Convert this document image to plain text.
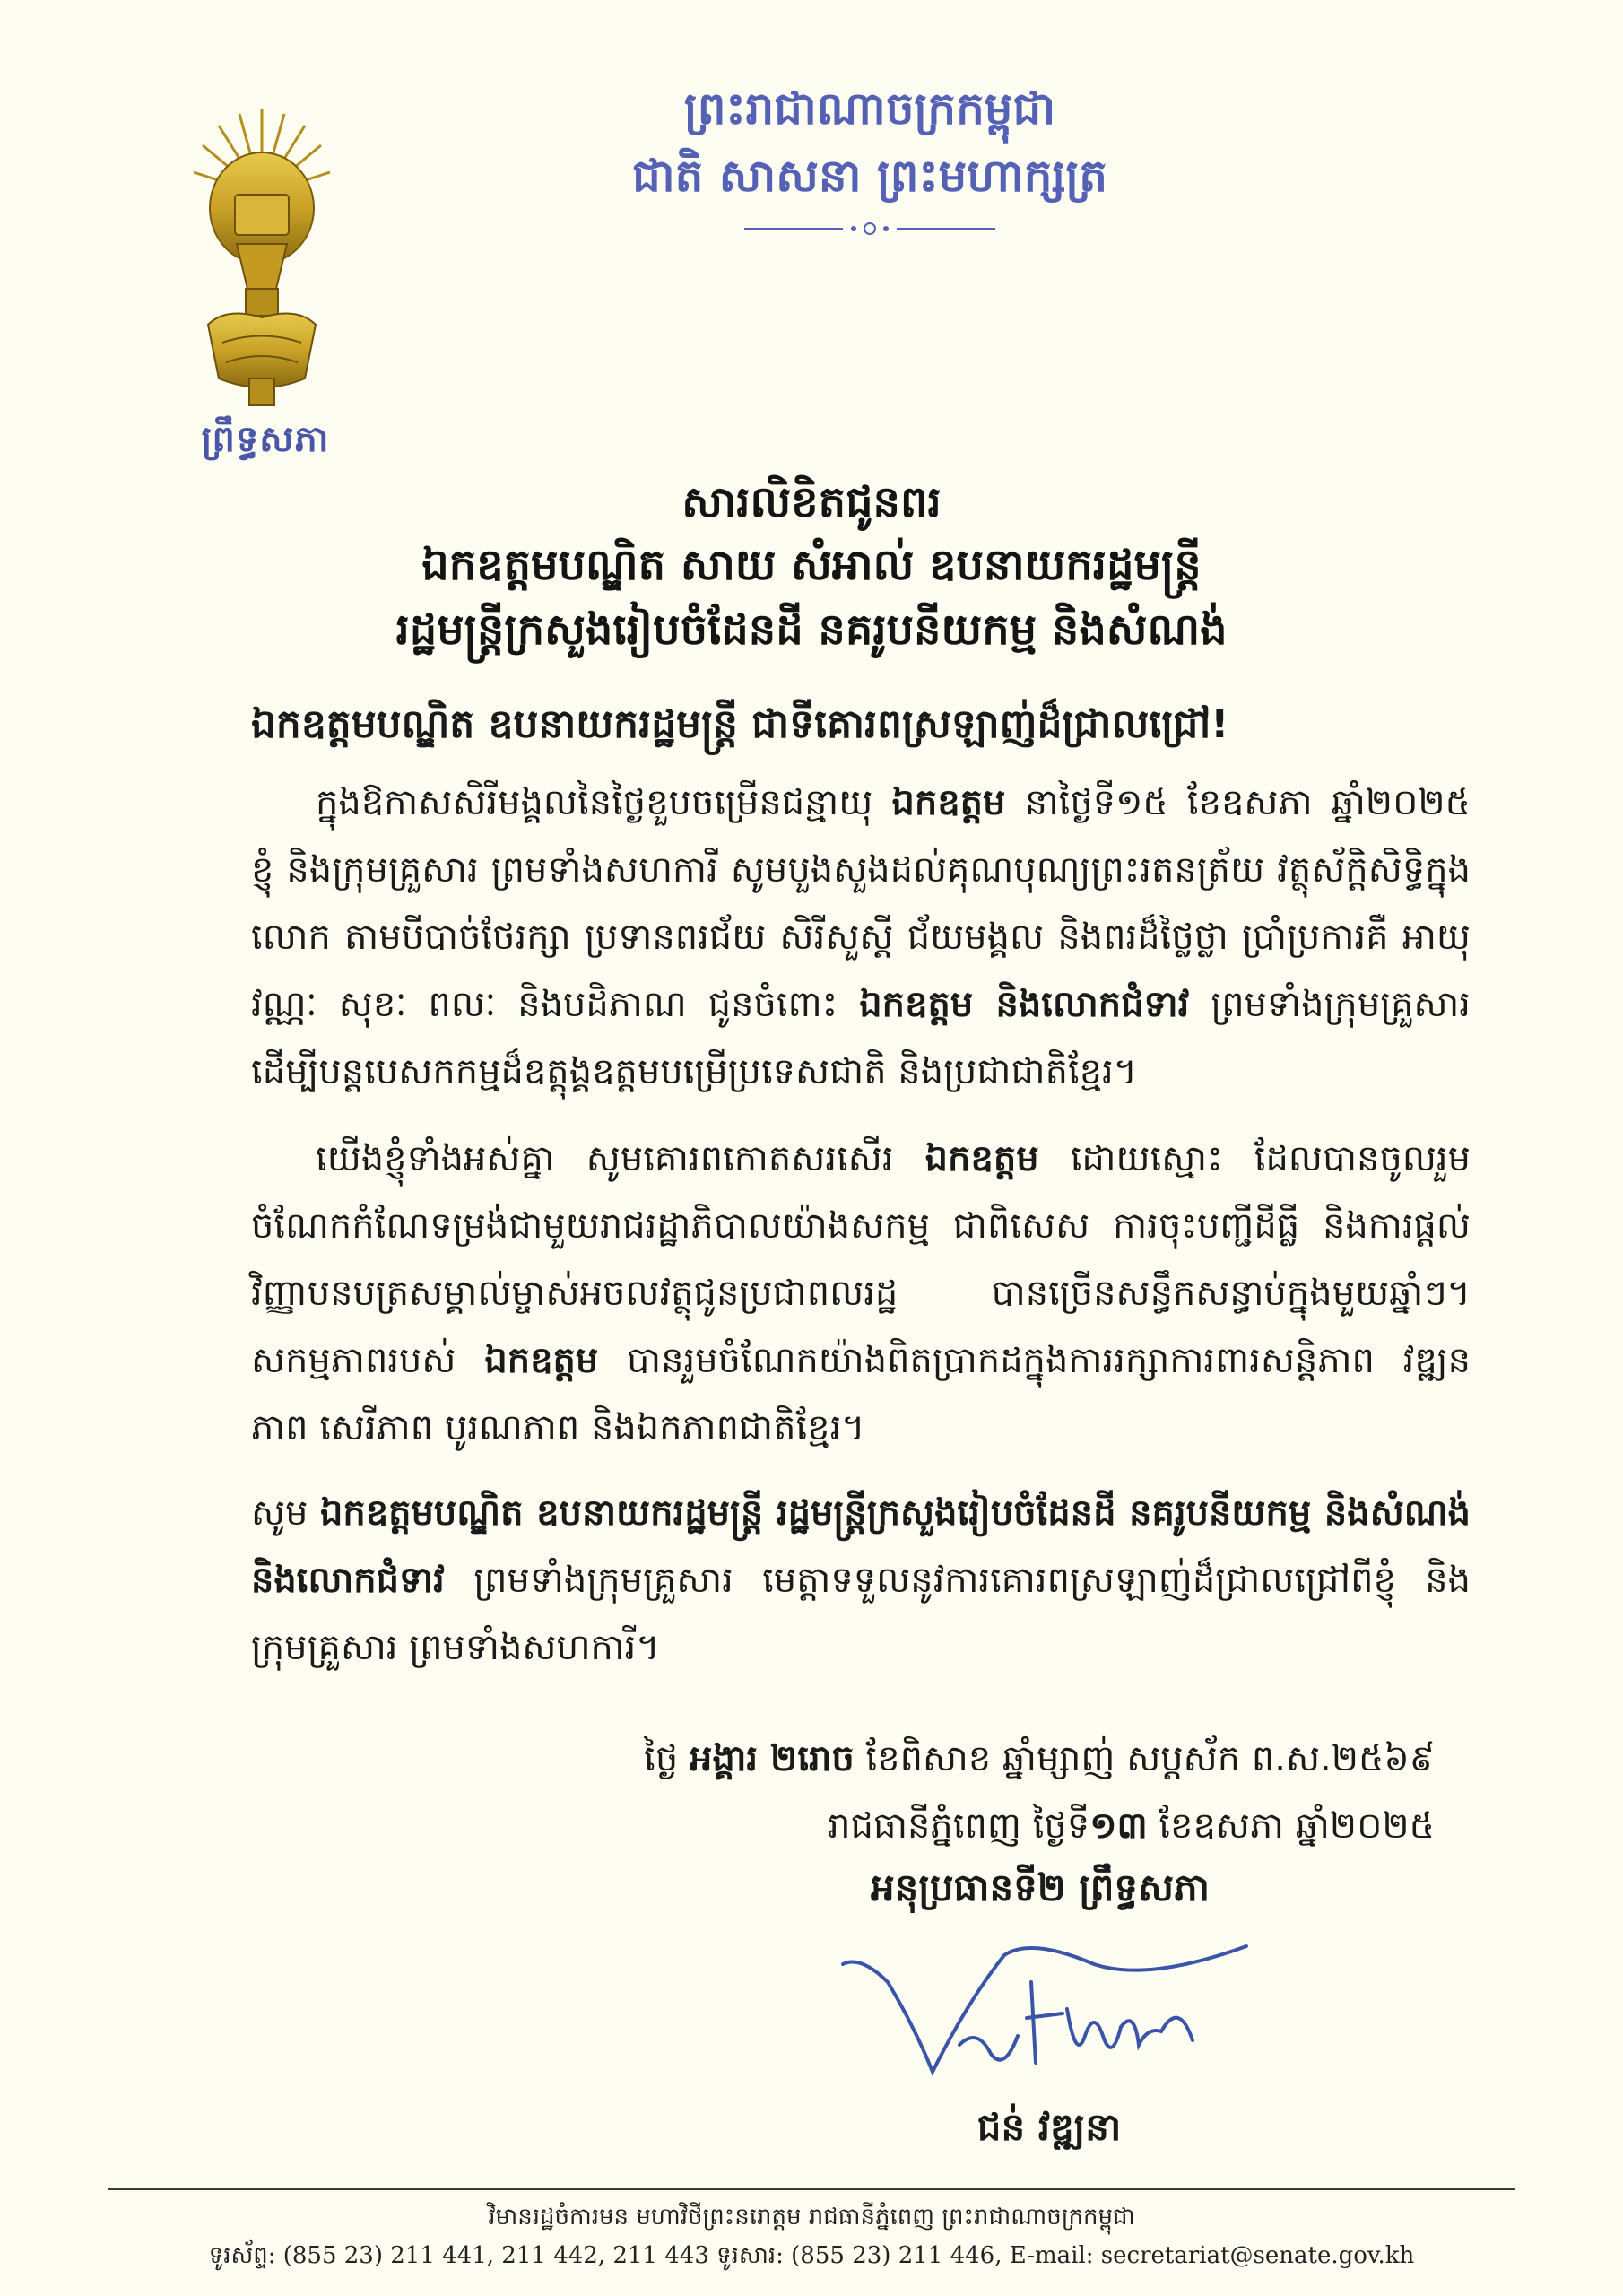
ព្រឹទ្ធសភា
ព្រះរាជាណាចក្រកម្ពុជា
ជាតិ សាសនា ព្រះមហាក្សត្រ
សារលិខិតជូនពរ
ឯកឧត្តមបណ្ឌិត សាយ សំអាល់ ឧបនាយករដ្ឋមន្ត្រី
រដ្ឋមន្ត្រីក្រសួងរៀបចំដែនដី នគរូបនីយកម្ម និងសំណង់
ឯកឧត្តមបណ្ឌិត ឧបនាយករដ្ឋមន្ត្រី ជាទីគោរពស្រឡាញ់ដ៏ជ្រាលជ្រៅ!
ក្នុងឱកាសសិរីមង្គលនៃថ្ងៃខួបចម្រើនជន្មាយុ ឯកឧត្តម នាថ្ងៃទី១៥ ខែឧសភា ឆ្នាំ២០២៥ ខ្ញុំ និងក្រុមគ្រួសារ ព្រមទាំងសហការី សូមបួងសួងដល់គុណបុណ្យព្រះរតនត្រ័យ វត្ថុស័ក្តិសិទ្ធិក្នុងលោក តាមបីបាច់ថែរក្សា ប្រទានពរជ័យ សិរីសួស្តី ជ័យមង្គល និងពរដ៏ថ្លៃថ្លា ប្រាំប្រការគឺ អាយុ វណ្ណៈ សុខៈ ពលៈ និងបដិភាណ ជូនចំពោះ ឯកឧត្តម និងលោកជំទាវ ព្រមទាំងក្រុមគ្រួសារ ដើម្បីបន្តបេសកកម្មដ៏ឧត្តុង្គឧត្តមបម្រើប្រទេសជាតិ និងប្រជាជាតិខ្មែរ។
យើងខ្ញុំទាំងអស់គ្នា សូមគោរពកោតសរសើរ ឯកឧត្តម ដោយស្មោះ ដែលបានចូលរួមចំណែកកំណែទម្រង់ជាមួយរាជរដ្ឋាភិបាលយ៉ាងសកម្ម ជាពិសេស ការចុះបញ្ជីដីធ្លី និងការផ្តល់វិញ្ញាបនបត្រសម្គាល់ម្ចាស់អចលវត្ថុជូនប្រជាពលរដ្ឋ បានច្រើនសន្ធឹកសន្ធាប់ក្នុងមួយឆ្នាំៗ។ សកម្មភាពរបស់ ឯកឧត្តម បានរួមចំណែកយ៉ាងពិតប្រាកដក្នុងការរក្សាការពារសន្តិភាព វឌ្ឍនភាព សេរីភាព បូរណភាព និងឯកភាពជាតិខ្មែរ។
សូម ឯកឧត្តមបណ្ឌិត ឧបនាយករដ្ឋមន្ត្រី រដ្ឋមន្ត្រីក្រសួងរៀបចំដែនដី នគរូបនីយកម្ម និងសំណង់ និងលោកជំទាវ ព្រមទាំងក្រុមគ្រួសារ មេត្តាទទួលនូវការគោរពស្រឡាញ់ដ៏ជ្រាលជ្រៅពីខ្ញុំ និងក្រុមគ្រួសារ ព្រមទាំងសហការី។
ថ្ងៃ អង្គារ ២រោច ខែពិសាខ ឆ្នាំម្សាញ់ សប្តស័ក ព.ស.២៥៦៩
រាជធានីភ្នំពេញ ថ្ងៃទី១៣ ខែឧសភា ឆ្នាំ២០២៥
អនុប្រធានទី២ ព្រឹទ្ធសភា
ជន់ វឌ្ឍនា
វិមានរដ្ឋចំការមន មហាវិថីព្រះនរោត្តម រាជធានីភ្នំពេញ ព្រះរាជាណាចក្រកម្ពុជា
ទូរស័ព្ទ: (855 23) 211 441, 211 442, 211 443 ទូរសារ: (855 23) 211 446, E-mail: secretariat@senate.gov.kh
